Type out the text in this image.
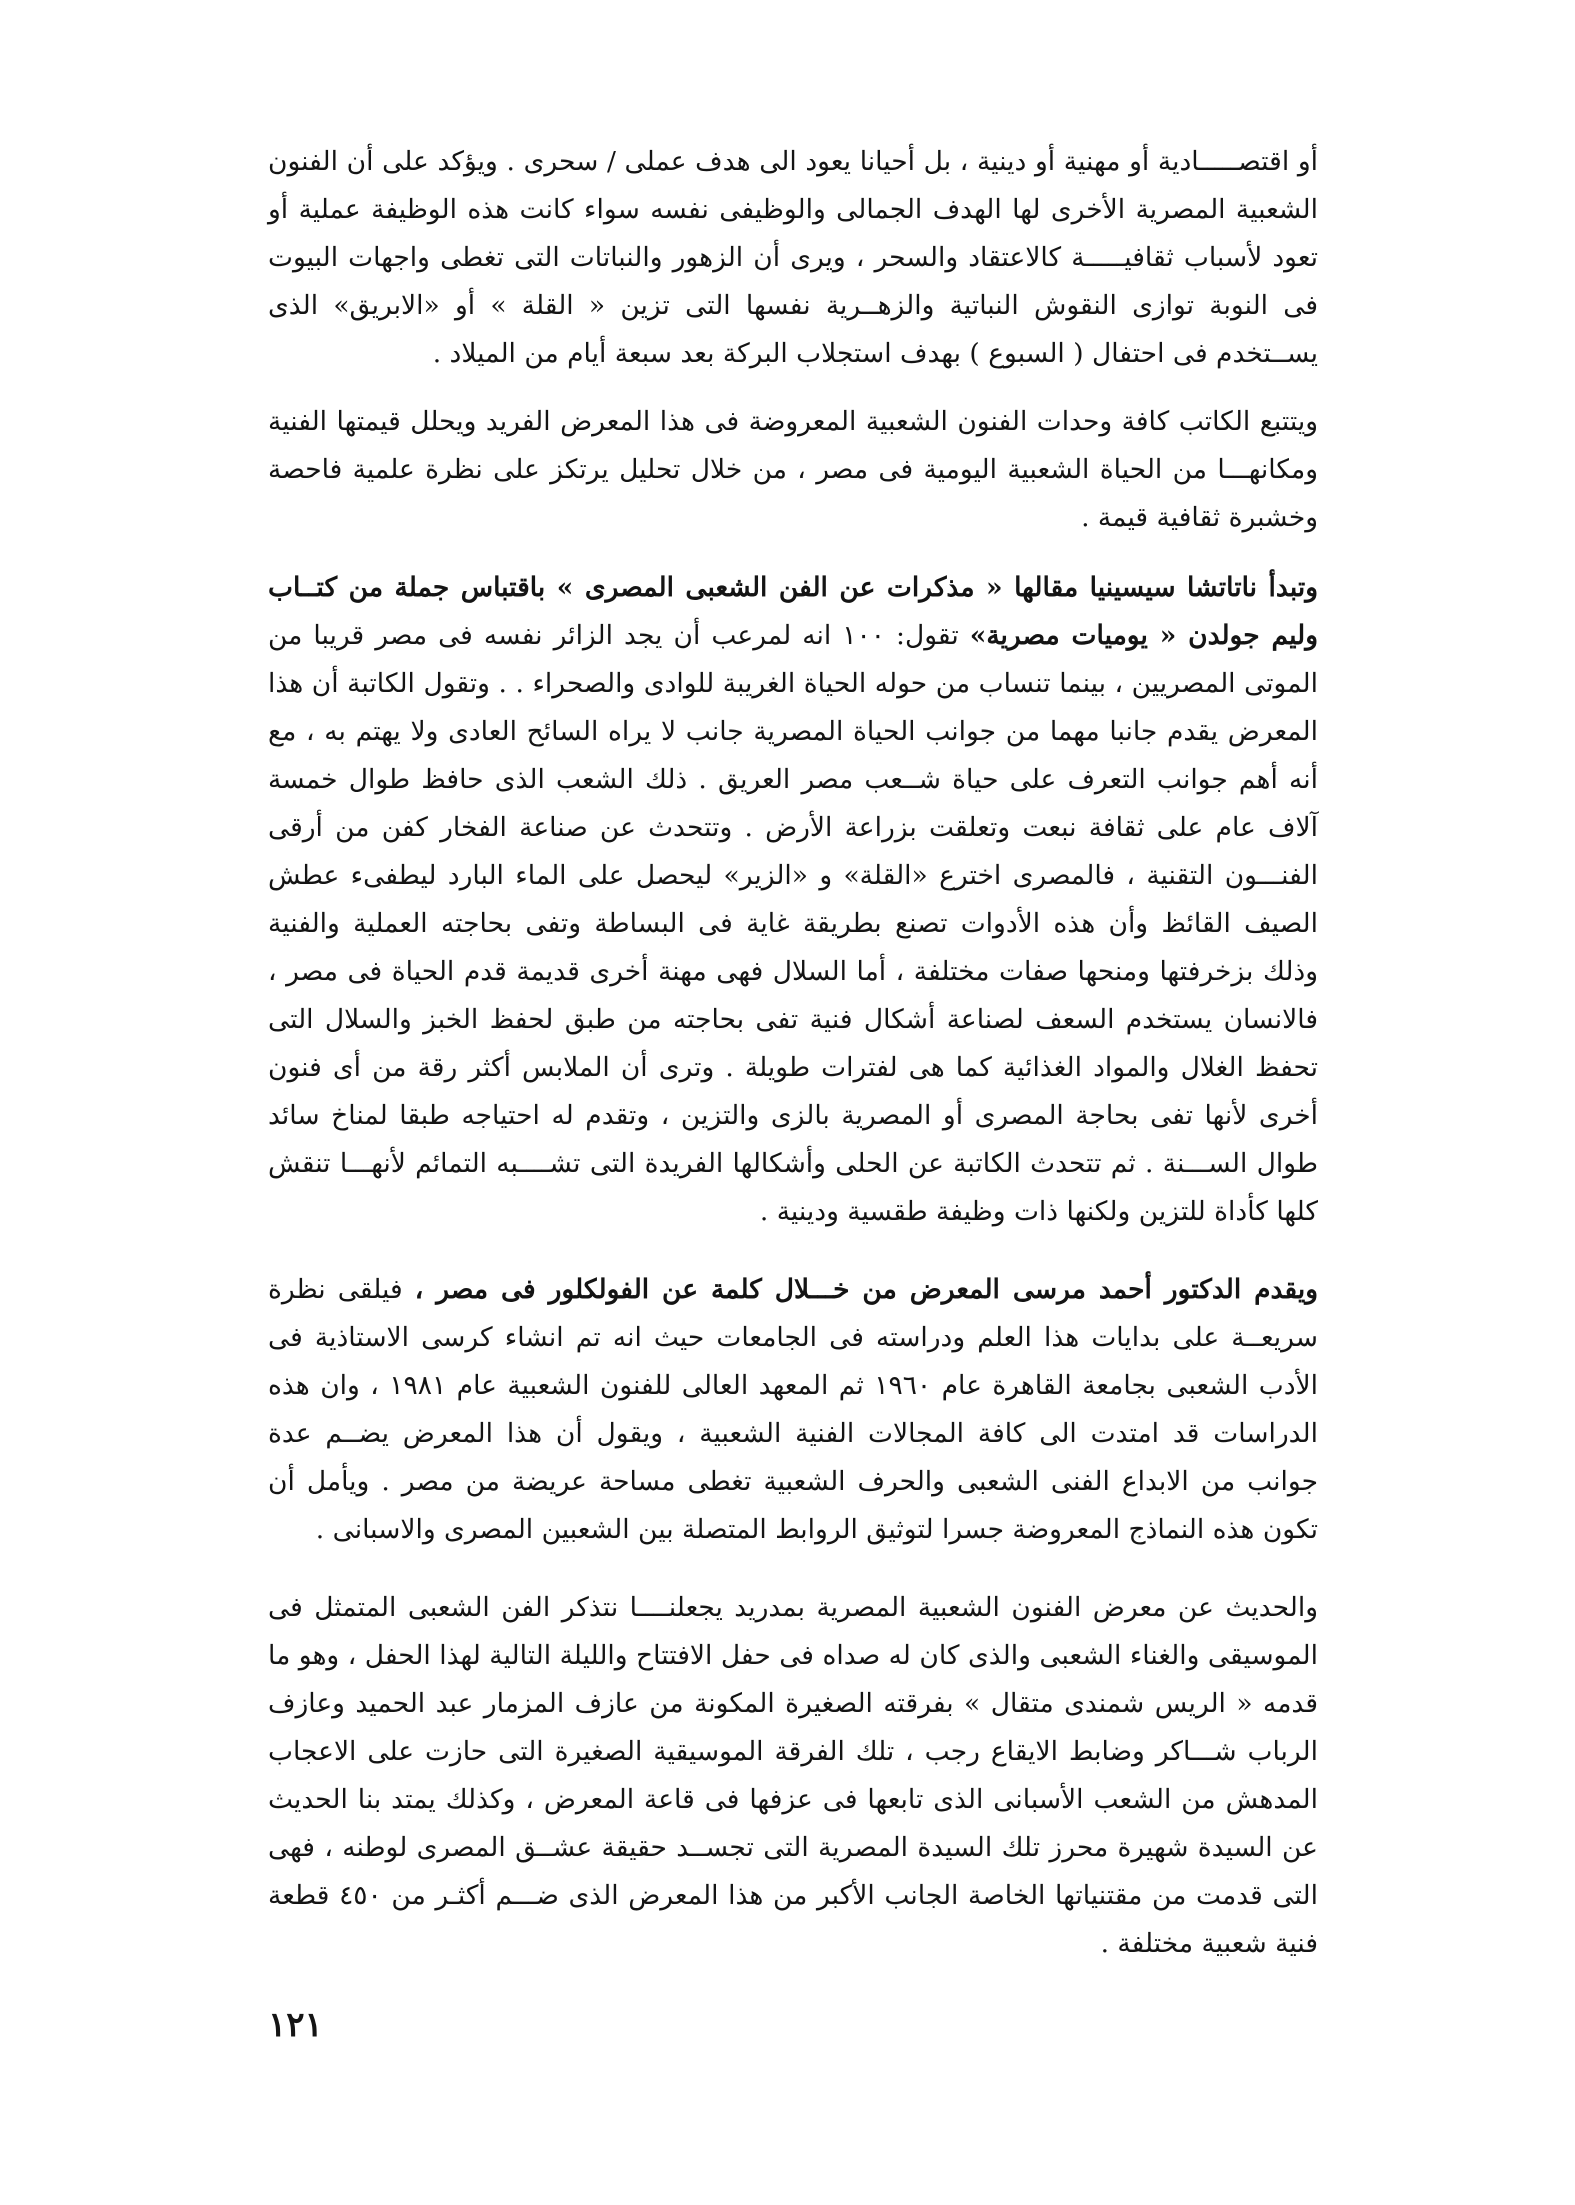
أو اقتصـــــادية أو مهنية أو دينية ، بل أحيانا يعود الى هدف عملى / سحرى . ويؤكد على أن الفنون الشعبية المصرية الأخرى لها الهدف الجمالى والوظيفى نفسه سواء كانت هذه الوظيفة عملية أو تعود لأسباب ثقافيـــــة كالاعتقاد والسحر ، ويرى أن الزهور والنباتات التى تغطى واجهات البيوت فى النوبة توازى النقوش النباتية والزهــرية نفسها التى تزين « القلة » أو «الابريق» الذى يســتخدم فى احتفال ( السبوع ) بهدف استجلاب البركة بعد سبعة أيام من الميلاد .

ويتتبع الكاتب كافة وحدات الفنون الشعبية المعروضة فى هذا المعرض الفريد ويحلل قيمتها الفنية ومكانهـــا من الحياة الشعبية اليومية فى مصر ، من خلال تحليل يرتكز على نظرة علمية فاحصة وخشبرة ثقافية قيمة .

وتبدأ ناتاتشا سيسينيا مقالها « مذكرات عن الفن الشعبى المصرى » باقتباس جملة من كتــاب وليم جولدن « يوميات مصرية» تقول: ١٠٠ انه لمرعب أن يجد الزائر نفسه فى مصر قريبا من الموتى المصريين ، بينما تنساب من حوله الحياة الغريبة للوادى والصحراء . . وتقول الكاتبة أن هذا المعرض يقدم جانبا مهما من جوانب الحياة المصرية جانب لا يراه السائح العادى ولا يهتم به ، مع أنه أهم جوانب التعرف على حياة شــعب مصر العريق . ذلك الشعب الذى حافظ طوال خمسة آلاف عام على ثقافة نبعت وتعلقت بزراعة الأرض . وتتحدث عن صناعة الفخار كفن من أرقى الفنـــون التقنية ، فالمصرى اخترع «القلة» و «الزير» ليحصل على الماء البارد ليطفىء عطش الصيف القائظ وأن هذه الأدوات تصنع بطريقة غاية فى البساطة وتفى بحاجته العملية والفنية وذلك بزخرفتها ومنحها صفات مختلفة ، أما السلال فهى مهنة أخرى قديمة قدم الحياة فى مصر ، فالانسان يستخدم السعف لصناعة أشكال فنية تفى بحاجته من طبق لحفظ الخبز والسلال التى تحفظ الغلال والمواد الغذائية كما هى لفترات طويلة . وترى أن الملابس أكثر رقة من أى فنون أخرى لأنها تفى بحاجة المصرى أو المصرية بالزى والتزين ، وتقدم له احتياجه طبقا لمناخ سائد طوال الســـنة . ثم تتحدث الكاتبة عن الحلى وأشكالها الفريدة التى تشــــبه التمائم لأنهـــا تنقش كلها كأداة للتزين ولكنها ذات وظيفة طقسية ودينية .

ويقدم الدكتور أحمد مرسى المعرض من خـــلال كلمة عن الفولكلور فى مصر ، فيلقى نظرة سريعــة على بدايات هذا العلم ودراسته فى الجامعات حيث انه تم انشاء كرسى الاستاذية فى الأدب الشعبى بجامعة القاهرة عام ١٩٦٠ ثم المعهد العالى للفنون الشعبية عام ١٩٨١ ، وان هذه الدراسات قد امتدت الى كافة المجالات الفنية الشعبية ، ويقول أن هذا المعرض يضــم عدة جوانب من الابداع الفنى الشعبى والحرف الشعبية تغطى مساحة عريضة من مصر . ويأمل أن تكون هذه النماذج المعروضة جسرا لتوثيق الروابط المتصلة بين الشعبين المصرى والاسبانى .

والحديث عن معرض الفنون الشعبية المصرية بمدريد يجعلنــــا نتذكر الفن الشعبى المتمثل فى الموسيقى والغناء الشعبى والذى كان له صداه فى حفل الافتتاح والليلة التالية لهذا الحفل ، وهو ما قدمه « الريس شمندى متقال » بفرقته الصغيرة المكونة من عازف المزمار عبد الحميد وعازف الرباب شـــاكر وضابط الايقاع رجب ، تلك الفرقة الموسيقية الصغيرة التى حازت على الاعجاب المدهش من الشعب الأسبانى الذى تابعها فى عزفها فى قاعة المعرض ، وكذلك يمتد بنا الحديث عن السيدة شهيرة محرز تلك السيدة المصرية التى تجســد حقيقة عشــق المصرى لوطنه ، فهى التى قدمت من مقتنياتها الخاصة الجانب الأكبر من هذا المعرض الذى ضـــم أكثـر من ٤٥٠ قطعة فنية شعبية مختلفة .

١٢١
